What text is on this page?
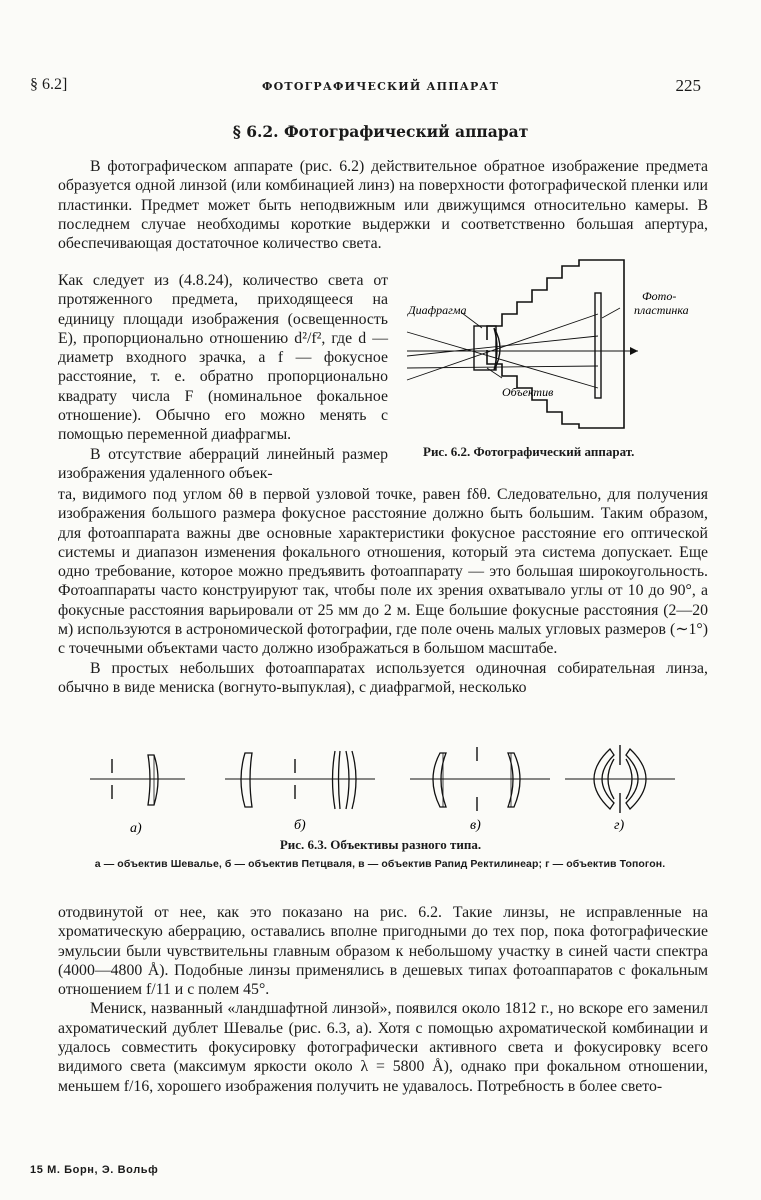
§ 6.2]	ФОТОГРАФИЧЕСКИЙ АППАРАТ	225
§ 6.2. Фотографический аппарат

В фотографическом аппарате (рис. 6.2) действительное обратное изображение предмета образуется одной линзой (или комбинацией линз) на поверхности фотографической пленки или пластинки. Предмет может быть неподвижным или движущимся относительно камеры. В последнем случае необходимы короткие выдержки и соответственно большая апертура, обеспечивающая достаточное количество света.

Как следует из (4.8.24), количество света от протяженного предмета, приходящееся на единицу площади изображения (освещенность E), пропорционально отношению d²/f², где d — диаметр входного зрачка, а f — фокусное расстояние, т. е. обратно пропорционально квадрату числа F (номинальное фокальное отношение). Обычно его можно менять с помощью переменной диафрагмы.

В отсутствие аберраций линейный размер изображения удаленного объек-

Диафрагма
Объектив
Фото-
пластинка
Рис. 6.2. Фотографический аппарат.

та, видимого под углом δθ в первой узловой точке, равен fδθ. Следовательно, для получения изображения большого размера фокусное расстояние должно быть большим. Таким образом, для фотоаппарата важны две основные характеристики фокусное расстояние его оптической системы и диапазон изменения фокального отношения, который эта система допускает. Еще одно требование, которое можно предъявить фотоаппарату — это большая широкоугольность. Фотоаппараты часто конструируют так, чтобы поле их зрения охватывало углы от 10 до 90°, а фокусные расстояния варьировали от 25 мм до 2 м. Еще большие фокусные расстояния (2—20 м) используются в астрономической фотографии, где поле очень малых угловых размеров (∼1°) с точечными объектами часто должно изображаться в большом масштабе.

В простых небольших фотоаппаратах используется одиночная собирательная линза, обычно в виде мениска (вогнуто-выпуклая), с диафрагмой, несколько

а)	б)	в)	г)
Рис. 6.3. Объективы разного типа.
а — объектив Шевалье, б — объектив Петцваля, в — объектив Рапид Ректилинеар; г — объектив Топогон.

отодвинутой от нее, как это показано на рис. 6.2. Такие линзы, не исправленные на хроматическую аберрацию, оставались вполне пригодными до тех пор, пока фотографические эмульсии были чувствительны главным образом к небольшому участку в синей части спектра (4000—4800 Å). Подобные линзы применялись в дешевых типах фотоаппаратов с фокальным отношением f/11 и с полем 45°.

Мениск, названный «ландшафтной линзой», появился около 1812 г., но вскоре его заменил ахроматический дублет Шевалье (рис. 6.3, а). Хотя с помощью ахроматической комбинации и удалось совместить фокусировку фотографически активного света и фокусировку всего видимого света (максимум яркости около λ = 5800 Å), однако при фокальном отношении, меньшем f/16, хорошего изображения получить не удавалось. Потребность в более свето-

15 М. Борн, Э. Вольф
